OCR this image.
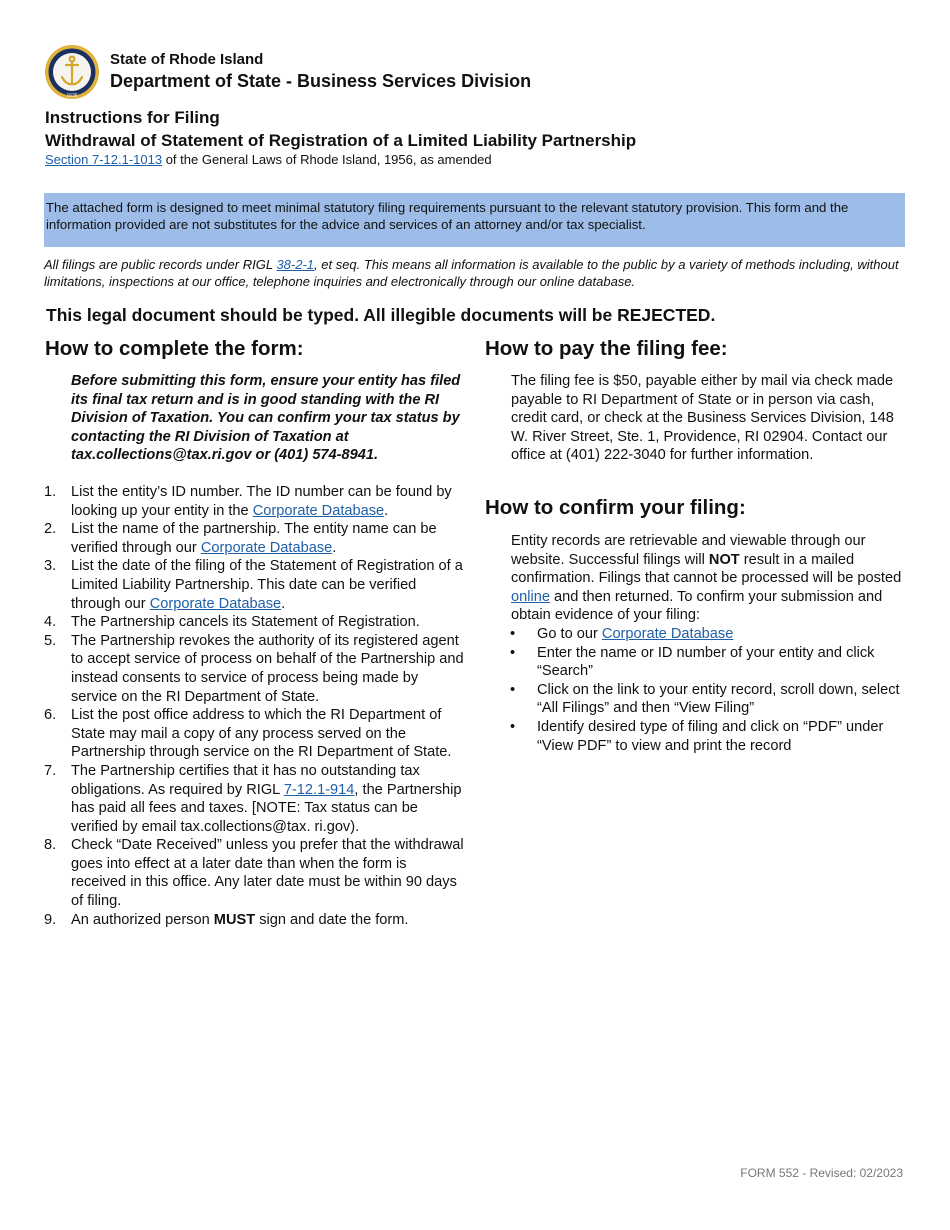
1636
State of Rhode Island
Department of State - Business Services Division
Instructions for Filing
Withdrawal of Statement of Registration of a Limited Liability Partnership
Section 7-12.1-1013 of the General Laws of Rhode Island, 1956, as amended
The attached form is designed to meet minimal statutory filing requirements pursuant to the relevant statutory provision. This form and the information provided are not substitutes for the advice and services of an attorney and/or tax specialist.
All filings are public records under RIGL 38-2-1, et seq. This means all information is available to the public by a variety of methods including, without limitations, inspections at our office, telephone inquiries and electronically through our online database.
This legal document should be typed. All illegible documents will be REJECTED.
How to complete the form:
Before submitting this form, ensure your entity has filed its final tax return and is in good standing with the RI Division of Taxation. You can confirm your tax status by contacting the RI Division of Taxation at tax.collections@tax.ri.gov or (401) 574-8941.
1. List the entity’s ID number. The ID number can be found by looking up your entity in the Corporate Database.
2. List the name of the partnership. The entity name can be verified through our Corporate Database.
3. List the date of the filing of the Statement of Registration of a Limited Liability Partnership. This date can be verified through our Corporate Database.
4. The Partnership cancels its Statement of Registration.
5. The Partnership revokes the authority of its registered agent to accept service of process on behalf of the Partnership and instead consents to service of process being made by service on the RI Department of State.
6. List the post office address to which the RI Department of State may mail a copy of any process served on the Partnership through service on the RI Department of State.
7. The Partnership certifies that it has no outstanding tax obligations. As required by RIGL 7-12.1-914, the Partnership has paid all fees and taxes. [NOTE: Tax status can be verified by email tax.collections@tax. ri.gov).
8. Check “Date Received” unless you prefer that the withdrawal goes into effect at a later date than when the form is received in this office. Any later date must be within 90 days of filing.
9. An authorized person MUST sign and date the form.
How to pay the filing fee:
The filing fee is $50, payable either by mail via check made payable to RI Department of State or in person via cash, credit card, or check at the Business Services Division, 148 W. River Street, Ste. 1, Providence, RI 02904. Contact our office at (401) 222-3040 for further information.
How to confirm your filing:
Entity records are retrievable and viewable through our website. Successful filings will NOT result in a mailed confirmation. Filings that cannot be processed will be posted online and then returned. To confirm your submission and obtain evidence of your filing:
• Go to our Corporate Database
• Enter the name or ID number of your entity and click “Search”
• Click on the link to your entity record, scroll down, select “All Filings” and then “View Filing”
• Identify desired type of filing and click on “PDF” under “View PDF” to view and print the record
FORM 552 - Revised: 02/2023
